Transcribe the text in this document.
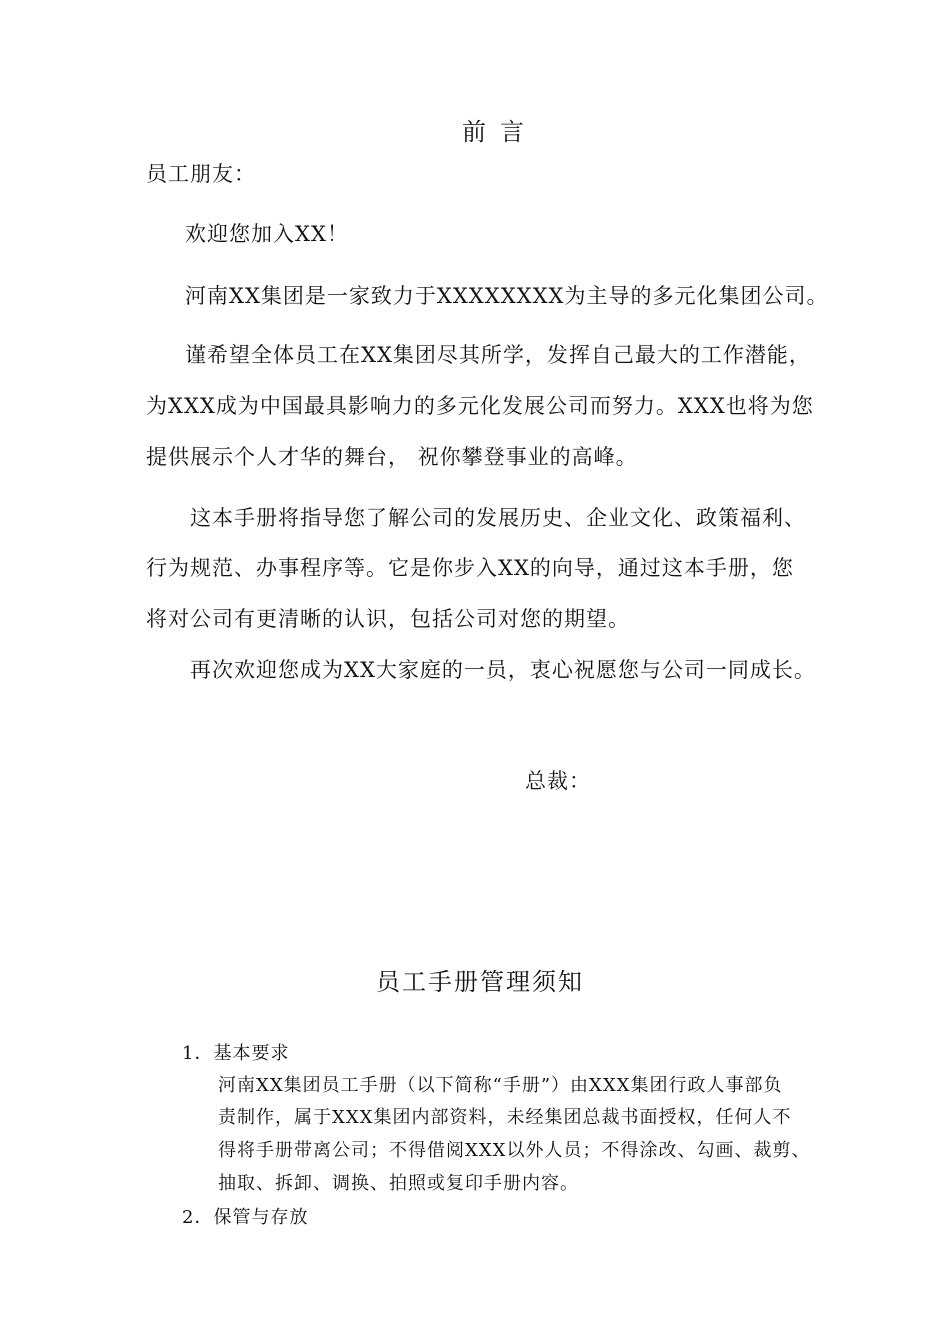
前言
员工朋友：
欢迎您加入XX！
河南XX集团是一家致力于XXXXXXXX为主导的多元化集团公司。
谨希望全体员工在XX集团尽其所学，发挥自己最大的工作潜能，
为XXX成为中国最具影响力的多元化发展公司而努力。XXX也将为您
提供展示个人才华的舞台， 祝你攀登事业的高峰。
这本手册将指导您了解公司的发展历史、企业文化、政策福利、
行为规范、办事程序等。它是你步入XX的向导，通过这本手册，您
将对公司有更清晰的认识，包括公司对您的期望。
再次欢迎您成为XX大家庭的一员，衷心祝愿您与公司一同成长。
总裁：
员工手册管理须知
1．基本要求
河南XX集团员工手册（以下简称“手册”）由XXX集团行政人事部负
责制作，属于XXX集团内部资料，未经集团总裁书面授权，任何人不
得将手册带离公司；不得借阅XXX以外人员；不得涂改、勾画、裁剪、
抽取、拆卸、调换、拍照或复印手册内容。
2．保管与存放
